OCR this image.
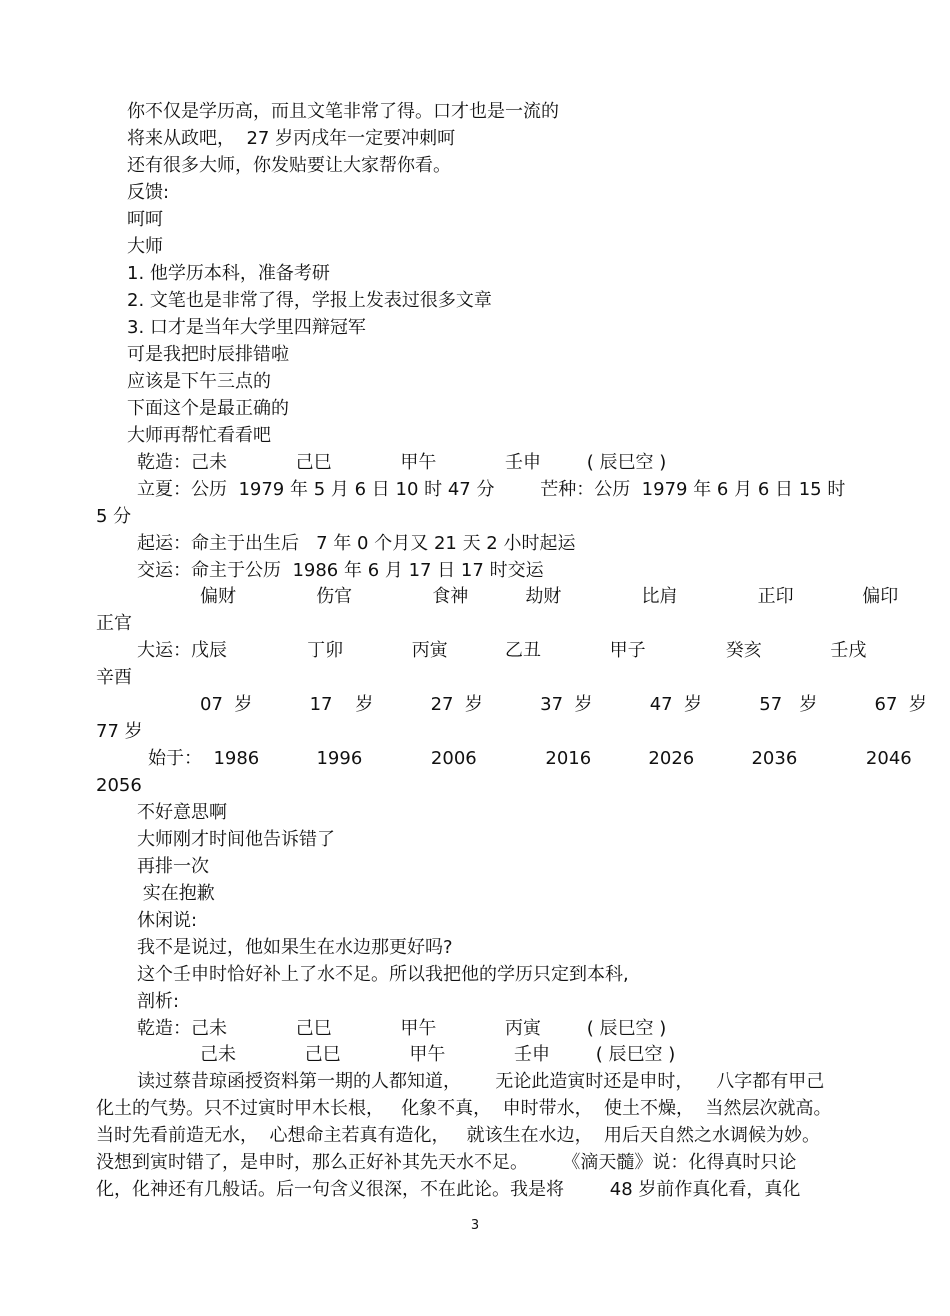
你不仅是学历高，而且文笔非常了得。口才也是一流的
将来从政吧，  27 岁丙戌年一定要冲刺呵
还有很多大师，你发贴要让大家帮你看。
反馈:
呵呵
大师
1. 他学历本科，准备考研
2. 文笔也是非常了得，学报上发表过很多文章
3. 口才是当年大学里四辩冠军
可是我把时辰排错啦
应该是下午三点的
下面这个是最正确的
大师再帮忙看看吧
乾造：己未            己巳            甲午            壬申        ( 辰巳空 )
立夏：公历  1979 年 5 月 6 日 10 时 47 分        芒种：公历  1979 年 6 月 6 日 15 时
5 分
起运：命主于出生后   7 年 0 个月又 21 天 2 小时起运
交运：命主于公历  1986 年 6 月 17 日 17 时交运
偏财              伤官              食神          劫财              比肩              正印            偏印
正官
大运：戊辰              丁卯            丙寅          乙丑            甲子              癸亥            壬戌
辛酉
07  岁          17    岁          27  岁          37  岁          47  岁          57   岁          67  岁
77 岁
始于：  1986          1996            2006            2016          2026          2036            2046
2056
不好意思啊
大师刚才时间他告诉错了
再排一次
实在抱歉
休闲说:
我不是说过，他如果生在水边那更好吗?
这个壬申时恰好补上了水不足。所以我把他的学历只定到本科,
剖析:
乾造：己未            己巳            甲午            丙寅        ( 辰巳空 )
己未            己巳            甲午            壬申        ( 辰巳空 )
读过蔡昔琼函授资料第一期的人都知道，      无论此造寅时还是申时，    八字都有甲己
化土的气势。只不过寅时甲木长根，   化象不真，  申时带水，  使土不燥，  当然层次就高。
当时先看前造无水，  心想命主若真有造化，   就该生在水边，  用后天自然之水调候为妙。
没想到寅时错了，是申时，那么正好补其先天水不足。      《滴天髓》说：化得真时只论
化，化神还有几般话。后一句含义很深，不在此论。我是将        48 岁前作真化看，真化
3
